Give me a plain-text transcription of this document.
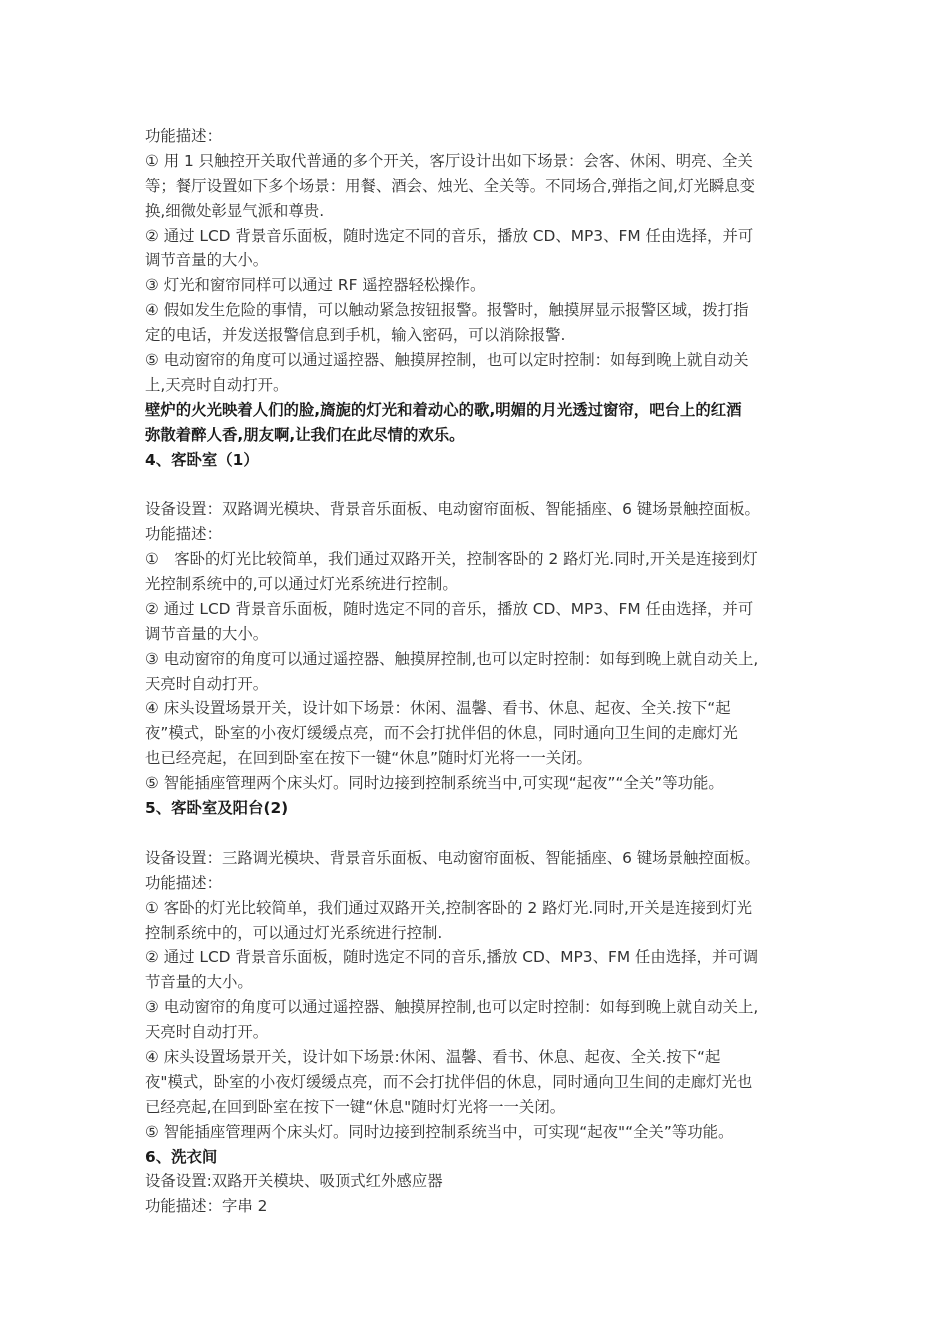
功能描述：
① 用 1 只触控开关取代普通的多个开关，客厅设计出如下场景：会客、休闲、明亮、全关
等；餐厅设置如下多个场景：用餐、酒会、烛光、全关等。不同场合,弹指之间,灯光瞬息变
换,细微处彰显气派和尊贵.
② 通过 LCD 背景音乐面板，随时选定不同的音乐，播放 CD、MP3、FM 任由选择，并可
调节音量的大小。
③ 灯光和窗帘同样可以通过 RF 遥控器轻松操作。
④ 假如发生危险的事情，可以触动紧急按钮报警。报警时，触摸屏显示报警区域，拨打指
定的电话，并发送报警信息到手机，输入密码，可以消除报警.
⑤ 电动窗帘的角度可以通过遥控器、触摸屏控制，也可以定时控制：如每到晚上就自动关
上,天亮时自动打开。
壁炉的火光映着人们的脸,旖旎的灯光和着动心的歌,明媚的月光透过窗帘，吧台上的红酒
弥散着醉人香,朋友啊,让我们在此尽情的欢乐。
4、客卧室（1）
设备设置：双路调光模块、背景音乐面板、电动窗帘面板、智能插座、6 键场景触控面板。
功能描述：
①　客卧的灯光比较简单，我们通过双路开关，控制客卧的 2 路灯光.同时,开关是连接到灯
光控制系统中的,可以通过灯光系统进行控制。
② 通过 LCD 背景音乐面板，随时选定不同的音乐，播放 CD、MP3、FM 任由选择，并可
调节音量的大小。
③ 电动窗帘的角度可以通过遥控器、触摸屏控制,也可以定时控制：如每到晚上就自动关上,
天亮时自动打开。
④ 床头设置场景开关，设计如下场景：休闲、温馨、看书、休息、起夜、全关.按下“起
夜”模式，卧室的小夜灯缓缓点亮，而不会打扰伴侣的休息，同时通向卫生间的走廊灯光
也已经亮起，在回到卧室在按下一键“休息”随时灯光将一一关闭。
⑤ 智能插座管理两个床头灯。同时边接到控制系统当中,可实现“起夜”“全关”等功能。
5、客卧室及阳台(2)
设备设置：三路调光模块、背景音乐面板、电动窗帘面板、智能插座、6 键场景触控面板。
功能描述：
① 客卧的灯光比较简单，我们通过双路开关,控制客卧的 2 路灯光.同时,开关是连接到灯光
控制系统中的，可以通过灯光系统进行控制.
② 通过 LCD 背景音乐面板，随时选定不同的音乐,播放 CD、MP3、FM 任由选择，并可调
节音量的大小。
③ 电动窗帘的角度可以通过遥控器、触摸屏控制,也可以定时控制：如每到晚上就自动关上,
天亮时自动打开。
④ 床头设置场景开关，设计如下场景:休闲、温馨、看书、休息、起夜、全关.按下“起
夜"模式，卧室的小夜灯缓缓点亮，而不会打扰伴侣的休息，同时通向卫生间的走廊灯光也
已经亮起,在回到卧室在按下一键“休息"随时灯光将一一关闭。
⑤ 智能插座管理两个床头灯。同时边接到控制系统当中，可实现“起夜"“全关”等功能。
6、洗衣间
设备设置:双路开关模块、吸顶式红外感应器
功能描述：字串 2
